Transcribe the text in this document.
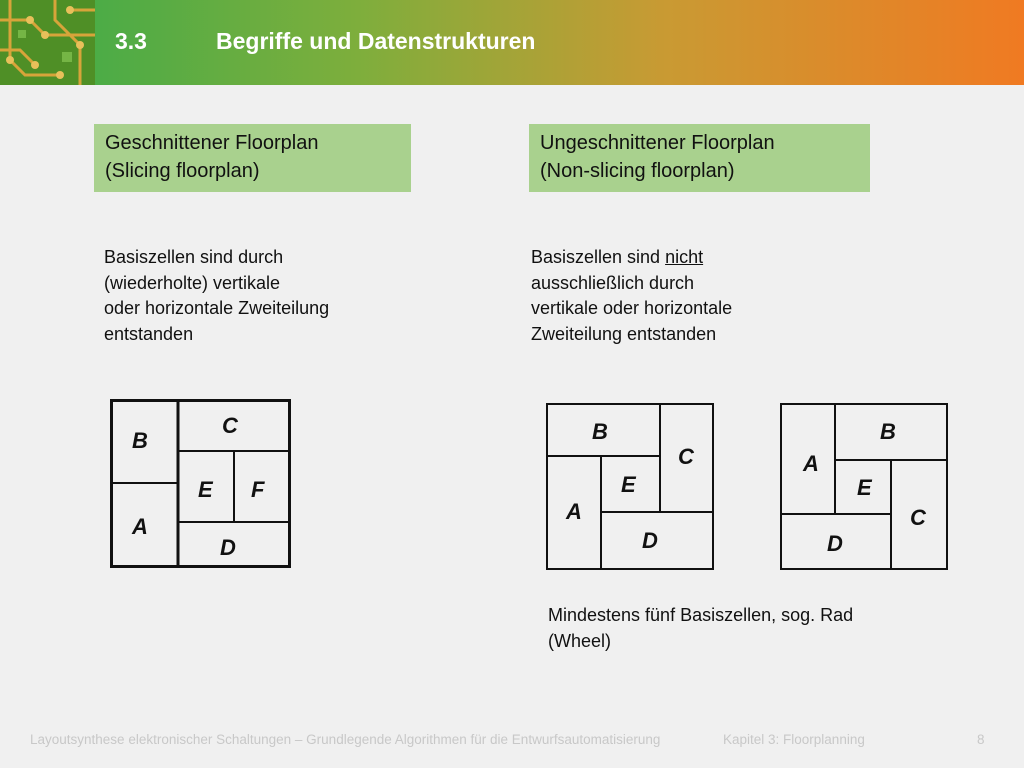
3.3	Begriffe und Datenstrukturen
Geschnittener Floorplan
(Slicing floorplan)
Basiszellen sind durch
(wiederholte) vertikale
oder horizontale Zweiteilung
entstanden
B
C
E F
A
D
Ungeschnittener Floorplan
(Non-slicing floorplan)
Basiszellen sind nicht
ausschließlich durch
vertikale oder horizontale
Zweiteilung entstanden
B
C
E
A
D
A
B
E
C
D
Mindestens fünf Basiszellen, sog. Rad
(Wheel)
Layoutsynthese elektronischer Schaltungen – Grundlegende Algorithmen für die Entwurfsautomatisierung	Kapitel 3: Floorplanning	8
